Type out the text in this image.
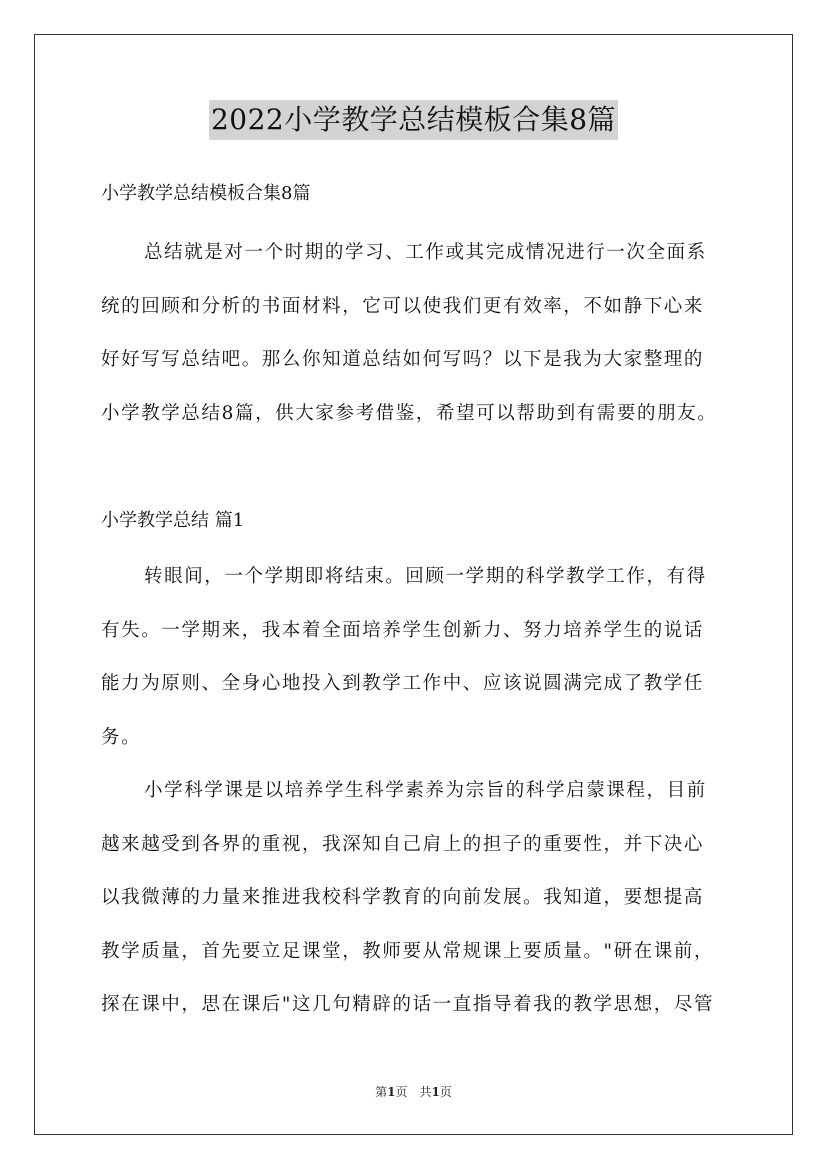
2022小学教学总结模板合集8篇

小学教学总结模板合集8篇

总结就是对一个时期的学习、工作或其完成情况进行一次全面系
统的回顾和分析的书面材料，它可以使我们更有效率，不如静下心来
好好写写总结吧。那么你知道总结如何写吗？以下是我为大家整理的
小学教学总结8篇，供大家参考借鉴，希望可以帮助到有需要的朋友。

小学教学总结 篇1

转眼间，一个学期即将结束。回顾一学期的科学教学工作，有得
有失。一学期来，我本着全面培养学生创新力、努力培养学生的说话
能力为原则、全身心地投入到教学工作中、应该说圆满完成了教学任
务。
小学科学课是以培养学生科学素养为宗旨的科学启蒙课程，目前
越来越受到各界的重视，我深知自己肩上的担子的重要性，并下决心
以我微薄的力量来推进我校科学教育的向前发展。我知道，要想提高
教学质量，首先要立足课堂，教师要从常规课上要质量。"研在课前，
探在课中，思在课后"这几句精辟的话一直指导着我的教学思想，尽管
第1页　共1页
